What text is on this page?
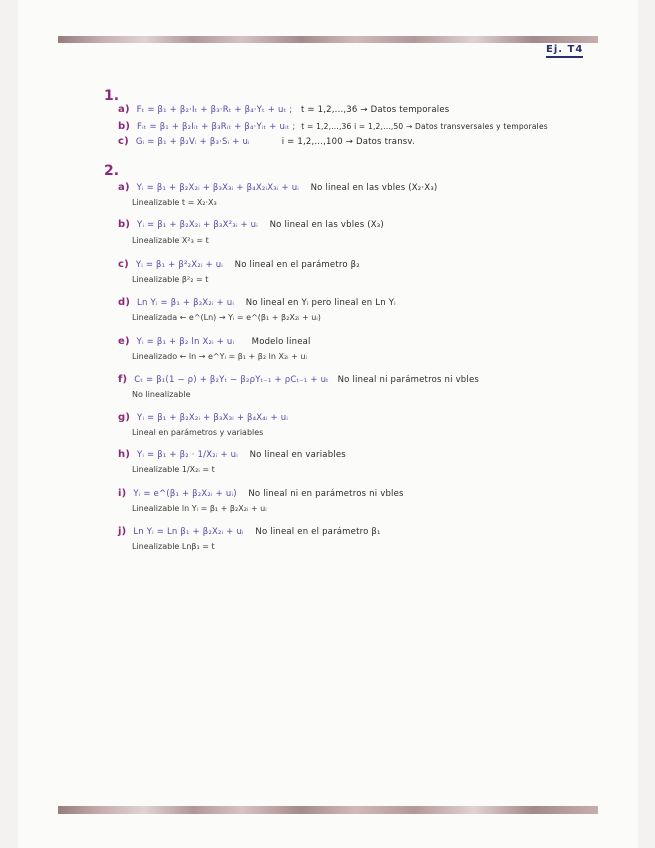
Ej. T4
1.
a) Fₜ = β₁ + β₂·Iₜ + β₃·Rₜ + β₄·Yₜ + uₜ ; t = 1,2,...,36 → Datos temporales
b) Fᵢₜ = β₁ + β₂Iᵢₜ + β₃Rᵢₜ + β₄·Yᵢₜ + uᵢₜ ; t = 1,2,...,36 i = 1,2,...,50 → Datos transversales y temporales
c) Gᵢ = β₁ + β₂Vᵢ + β₃·Sᵢ + uᵢ	i = 1,2,...,100 → Datos transv.
2.
a) Yᵢ = β₁ + β₂X₂ᵢ + β₃X₃ᵢ + β₄X₂ᵢX₃ᵢ + uᵢ No lineal en las vbles (X₂·X₃)
Linealizable t = X₂·X₃
b) Yᵢ = β₁ + β₂X₂ᵢ + β₃X²₃ᵢ + uᵢ No lineal en las vbles (X₃)
Linealizable X²₃ = t
c) Yᵢ = β₁ + β²₂X₂ᵢ + uᵢ No lineal en el parámetro β₂
Linealizable β²₂ = t
d) Ln Yᵢ = β₁ + β₂X₂ᵢ + uᵢ No lineal en Yᵢ pero lineal en Ln Yᵢ
Linealizada ← e^(Ln) → Yᵢ = e^(β₁ + β₂X₂ᵢ + uᵢ)
e) Yᵢ = β₁ + β₂ ln X₂ᵢ + uᵢ Modelo lineal
Linealizado ← ln → e^Yᵢ = β₁ + β₂ ln X₂ᵢ + uᵢ
f) Cₜ = β₁(1 − ρ) + β₂Yₜ − β₂ρYₜ₋₁ + ρCₜ₋₁ + uₜ No lineal ni parámetros ni vbles
No linealizable
g) Yᵢ = β₁ + β₂X₂ᵢ + β₃X₃ᵢ + β₄X₄ᵢ + uᵢ
Lineal en parámetros y variables
h) Yᵢ = β₁ + β₂ · 1/X₂ᵢ + uᵢ No lineal en variables
Linealizable 1/X₂ᵢ = t
i) Yᵢ = e^(β₁ + β₂X₂ᵢ + uᵢ) No lineal ni en parámetros ni vbles
Linealizable ln Yᵢ = β₁ + β₂X₂ᵢ + uᵢ
j) Ln Yᵢ = Ln β₁ + β₂X₂ᵢ + uᵢ No lineal en el parámetro β₁
Linealizable Lnβ₁ = t
